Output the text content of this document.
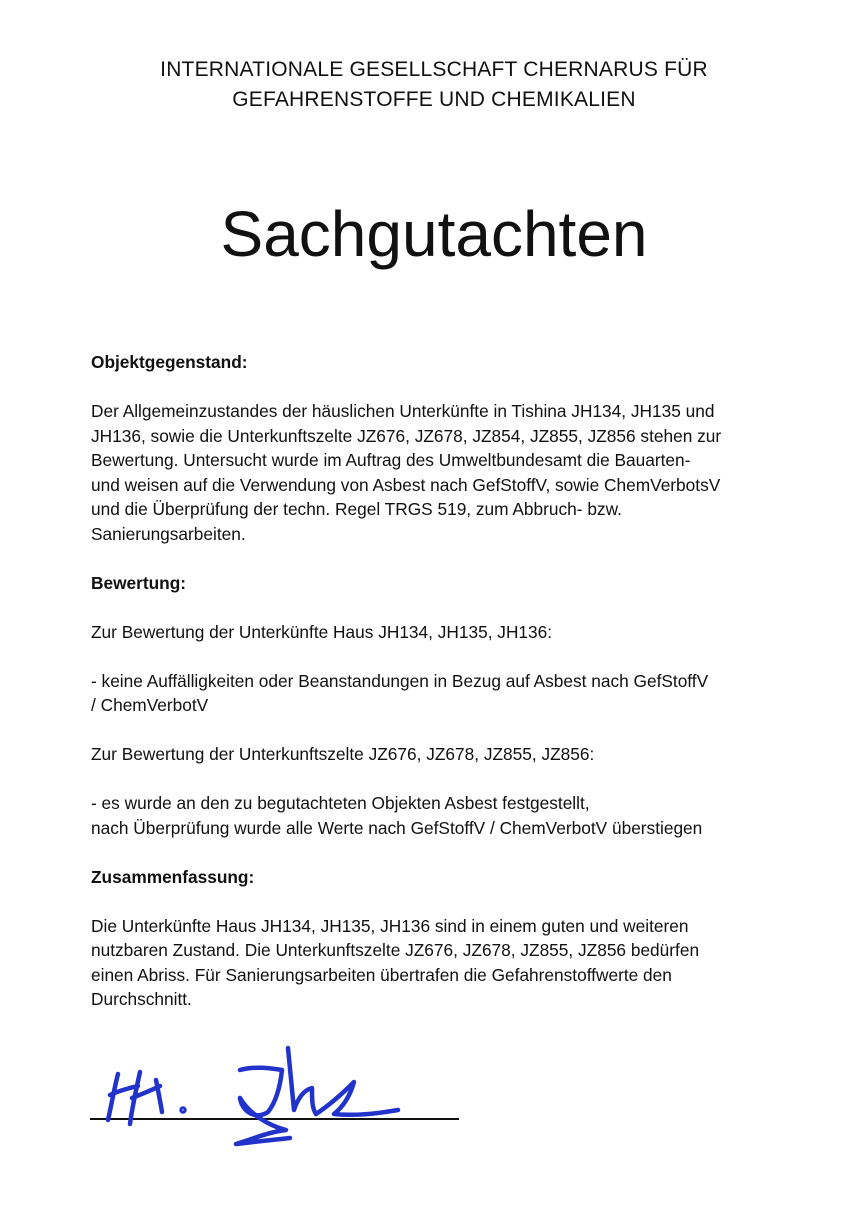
INTERNATIONALE GESELLSCHAFT CHERNARUS FÜR
GEFAHRENSTOFFE UND CHEMIKALIEN
Sachgutachten
Objektgegenstand:
Der Allgemeinzustandes der häuslichen Unterkünfte in Tishina JH134, JH135 und
JH136, sowie die Unterkunftszelte JZ676, JZ678, JZ854, JZ855, JZ856 stehen zur
Bewertung. Untersucht wurde im Auftrag des Umweltbundesamt die Bauarten-
und weisen auf die Verwendung von Asbest nach GefStoffV, sowie ChemVerbotsV
und die Überprüfung der techn. Regel TRGS 519, zum Abbruch- bzw.
Sanierungsarbeiten.
Bewertung:
Zur Bewertung der Unterkünfte Haus JH134, JH135, JH136:
- keine Auffälligkeiten oder Beanstandungen in Bezug auf Asbest nach GefStoffV
/ ChemVerbotV
Zur Bewertung der Unterkunftszelte JZ676, JZ678, JZ855, JZ856:
- es wurde an den zu begutachteten Objekten Asbest festgestellt,
nach Überprüfung wurde alle Werte nach GefStoffV / ChemVerbotV überstiegen
Zusammenfassung:
Die Unterkünfte Haus JH134, JH135, JH136 sind in einem guten und weiteren
nutzbaren Zustand. Die Unterkunftszelte JZ676, JZ678, JZ855, JZ856 bedürfen
einen Abriss. Für Sanierungsarbeiten übertrafen die Gefahrenstoffwerte den
Durchschnitt.
